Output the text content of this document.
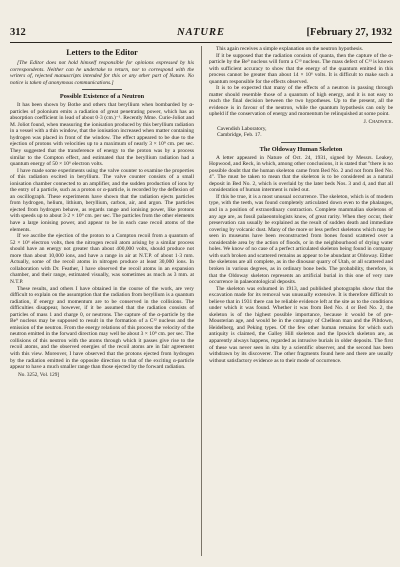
312	NATURE	[February 27, 1932
Letters to the Editor

[The Editor does not hold himself responsible for opinions expressed by his correspondents. Neither can he undertake to return, nor to correspond with the writers of, rejected manuscripts intended for this or any other part of Nature. No notice is taken of anonymous communications.]

Possible Existence of a Neutron

It has been shown by Bothe and others that beryllium when bombarded by α-particles of polonium emits a radiation of great penetrating power, which has an absorption coefficient in lead of about 0·3 (cm.)⁻¹. Recently Mme. Curie-Joliot and M. Joliot found, when measuring the ionisation produced by this beryllium radiation in a vessel with a thin window, that the ionisation increased when matter containing hydrogen was placed in front of the window. The effect appeared to be due to the ejection of protons with velocities up to a maximum of nearly 3 × 10⁹ cm. per sec. They suggested that the transference of energy to the proton was by a process similar to the Compton effect, and estimated that the beryllium radiation had a quantum energy of 50 × 10⁶ electron volts.

I have made some experiments using the valve counter to examine the properties of this radiation excited in beryllium. The valve counter consists of a small ionisation chamber connected to an amplifier, and the sudden production of ions by the entry of a particle, such as a proton or α-particle, is recorded by the deflexion of an oscillograph. These experiments have shown that the radiation ejects particles from hydrogen, helium, lithium, beryllium, carbon, air, and argon. The particles ejected from hydrogen behave, as regards range and ionising power, like protons with speeds up to about 3·2 × 10⁹ cm. per sec. The particles from the other elements have a large ionising power, and appear to be in each case recoil atoms of the elements.

If we ascribe the ejection of the proton to a Compton recoil from a quantum of 52 × 10⁶ electron volts, then the nitrogen recoil atom arising by a similar process should have an energy not greater than about 400,000 volts, should produce not more than about 10,000 ions, and have a range in air at N.T.P. of about 1·3 mm. Actually, some of the recoil atoms in nitrogen produce at least 30,000 ions. In collaboration with Dr. Feather, I have observed the recoil atoms in an expansion chamber, and their range, estimated visually, was sometimes as much as 3 mm. at N.T.P.

These results, and others I have obtained in the course of the work, are very difficult to explain on the assumption that the radiation from beryllium is a quantum radiation, if energy and momentum are to be conserved in the collisions. The difficulties disappear, however, if it be assumed that the radiation consists of particles of mass 1 and charge 0, or neutrons. The capture of the α-particle by the Be⁹ nucleus may be supposed to result in the formation of a C¹² nucleus and the emission of the neutron. From the energy relations of this process the velocity of the neutron emitted in the forward direction may well be about 3 × 10⁹ cm. per sec. The collisions of this neutron with the atoms through which it passes give rise to the recoil atoms, and the observed energies of the recoil atoms are in fair agreement with this view. Moreover, I have observed that the protons ejected from hydrogen by the radiation emitted in the opposite direction to that of the exciting α-particle appear to have a much smaller range than those ejected by the forward radiation.

No. 3252, Vol. 129]

This again receives a simple explanation on the neutron hypothesis.

If it be supposed that the radiation consists of quanta, then the capture of the α-particle by the Be⁹ nucleus will form a C¹³ nucleus. The mass defect of C¹³ is known with sufficient accuracy to show that the energy of the quantum emitted in this process cannot be greater than about 14 × 10⁶ volts. It is difficult to make such a quantum responsible for the effects observed.

It is to be expected that many of the effects of a neutron in passing through matter should resemble those of a quantum of high energy, and it is not easy to reach the final decision between the two hypotheses. Up to the present, all the evidence is in favour of the neutron, while the quantum hypothesis can only be upheld if the conservation of energy and momentum be relinquished at some point.

J. Chadwick.

Cavendish Laboratory,

Cambridge, Feb. 17.

The Oldoway Human Skeleton

A letter appeared in Nature of Oct. 24, 1931, signed by Messrs. Leakey, Hopwood, and Reck, in which, among other conclusions, it is stated that "there is no possible doubt that the human skeleton came from Bed No. 2 and not from Bed No. 4". The must be taken to mean that the skeleton is to be considered as a natural deposit in Bed No. 2, which is overlaid by the later beds Nos. 3 and 4, and that all consideration of human interment is ruled out.

If this be true, it is a most unusual occurrence. The skeleton, which is of modern type, with the teeth, was found completely articulated down even to the phalanges, and in a position of extraordinary contraction. Complete mammalian skeletons of any age are, as fossil palaeontologists know, of great rarity. When they occur, their preservation can usually be explained as the result of sudden death and immediate covering by volcanic dust. Many of the more or less perfect skeletons which may be seen in museums have been reconstructed from bones found scattered over a considerable area by the action of floods, or in the neighbourhood of drying water holes. We know of no case of a perfect articulated skeleton being found in company with such broken and scattered remains as appear to be abundant at Oldoway. Either the skeletons are all complete, as in the dinosaur quarry of Utah, or all scattered and broken in various degrees, as in ordinary bone beds. The probability, therefore, is that the Oldoway skeleton represents an artificial burial in this one of very rare occurrence in palaeontological deposits.

The skeleton was exhumed in 1913, and published photographs show that the excavation made for its removal was unusually extensive. It is therefore difficult to believe that in 1931 there can be reliable evidence left at the site as to the conditions under which it was found. Whether it was from Bed No. 4 or Bed No. 2, the skeleton is of the highest possible importance, because it would be of pre-Mousterian age, and would be in the company of Chellean man and the Piltdown, Heidelberg, and Peking types. Of the few other human remains for which such antiquity is claimed, the Galley Hill skeleton and the Ipswich skeleton are, as apparently always happens, regarded as intrusive burials in older deposits. The first of these was never seen in situ by a scientific observer, and the second has been withdrawn by its discoverer. The other fragments found here and there are usually without satisfactory evidence as to their mode of occurrence.
